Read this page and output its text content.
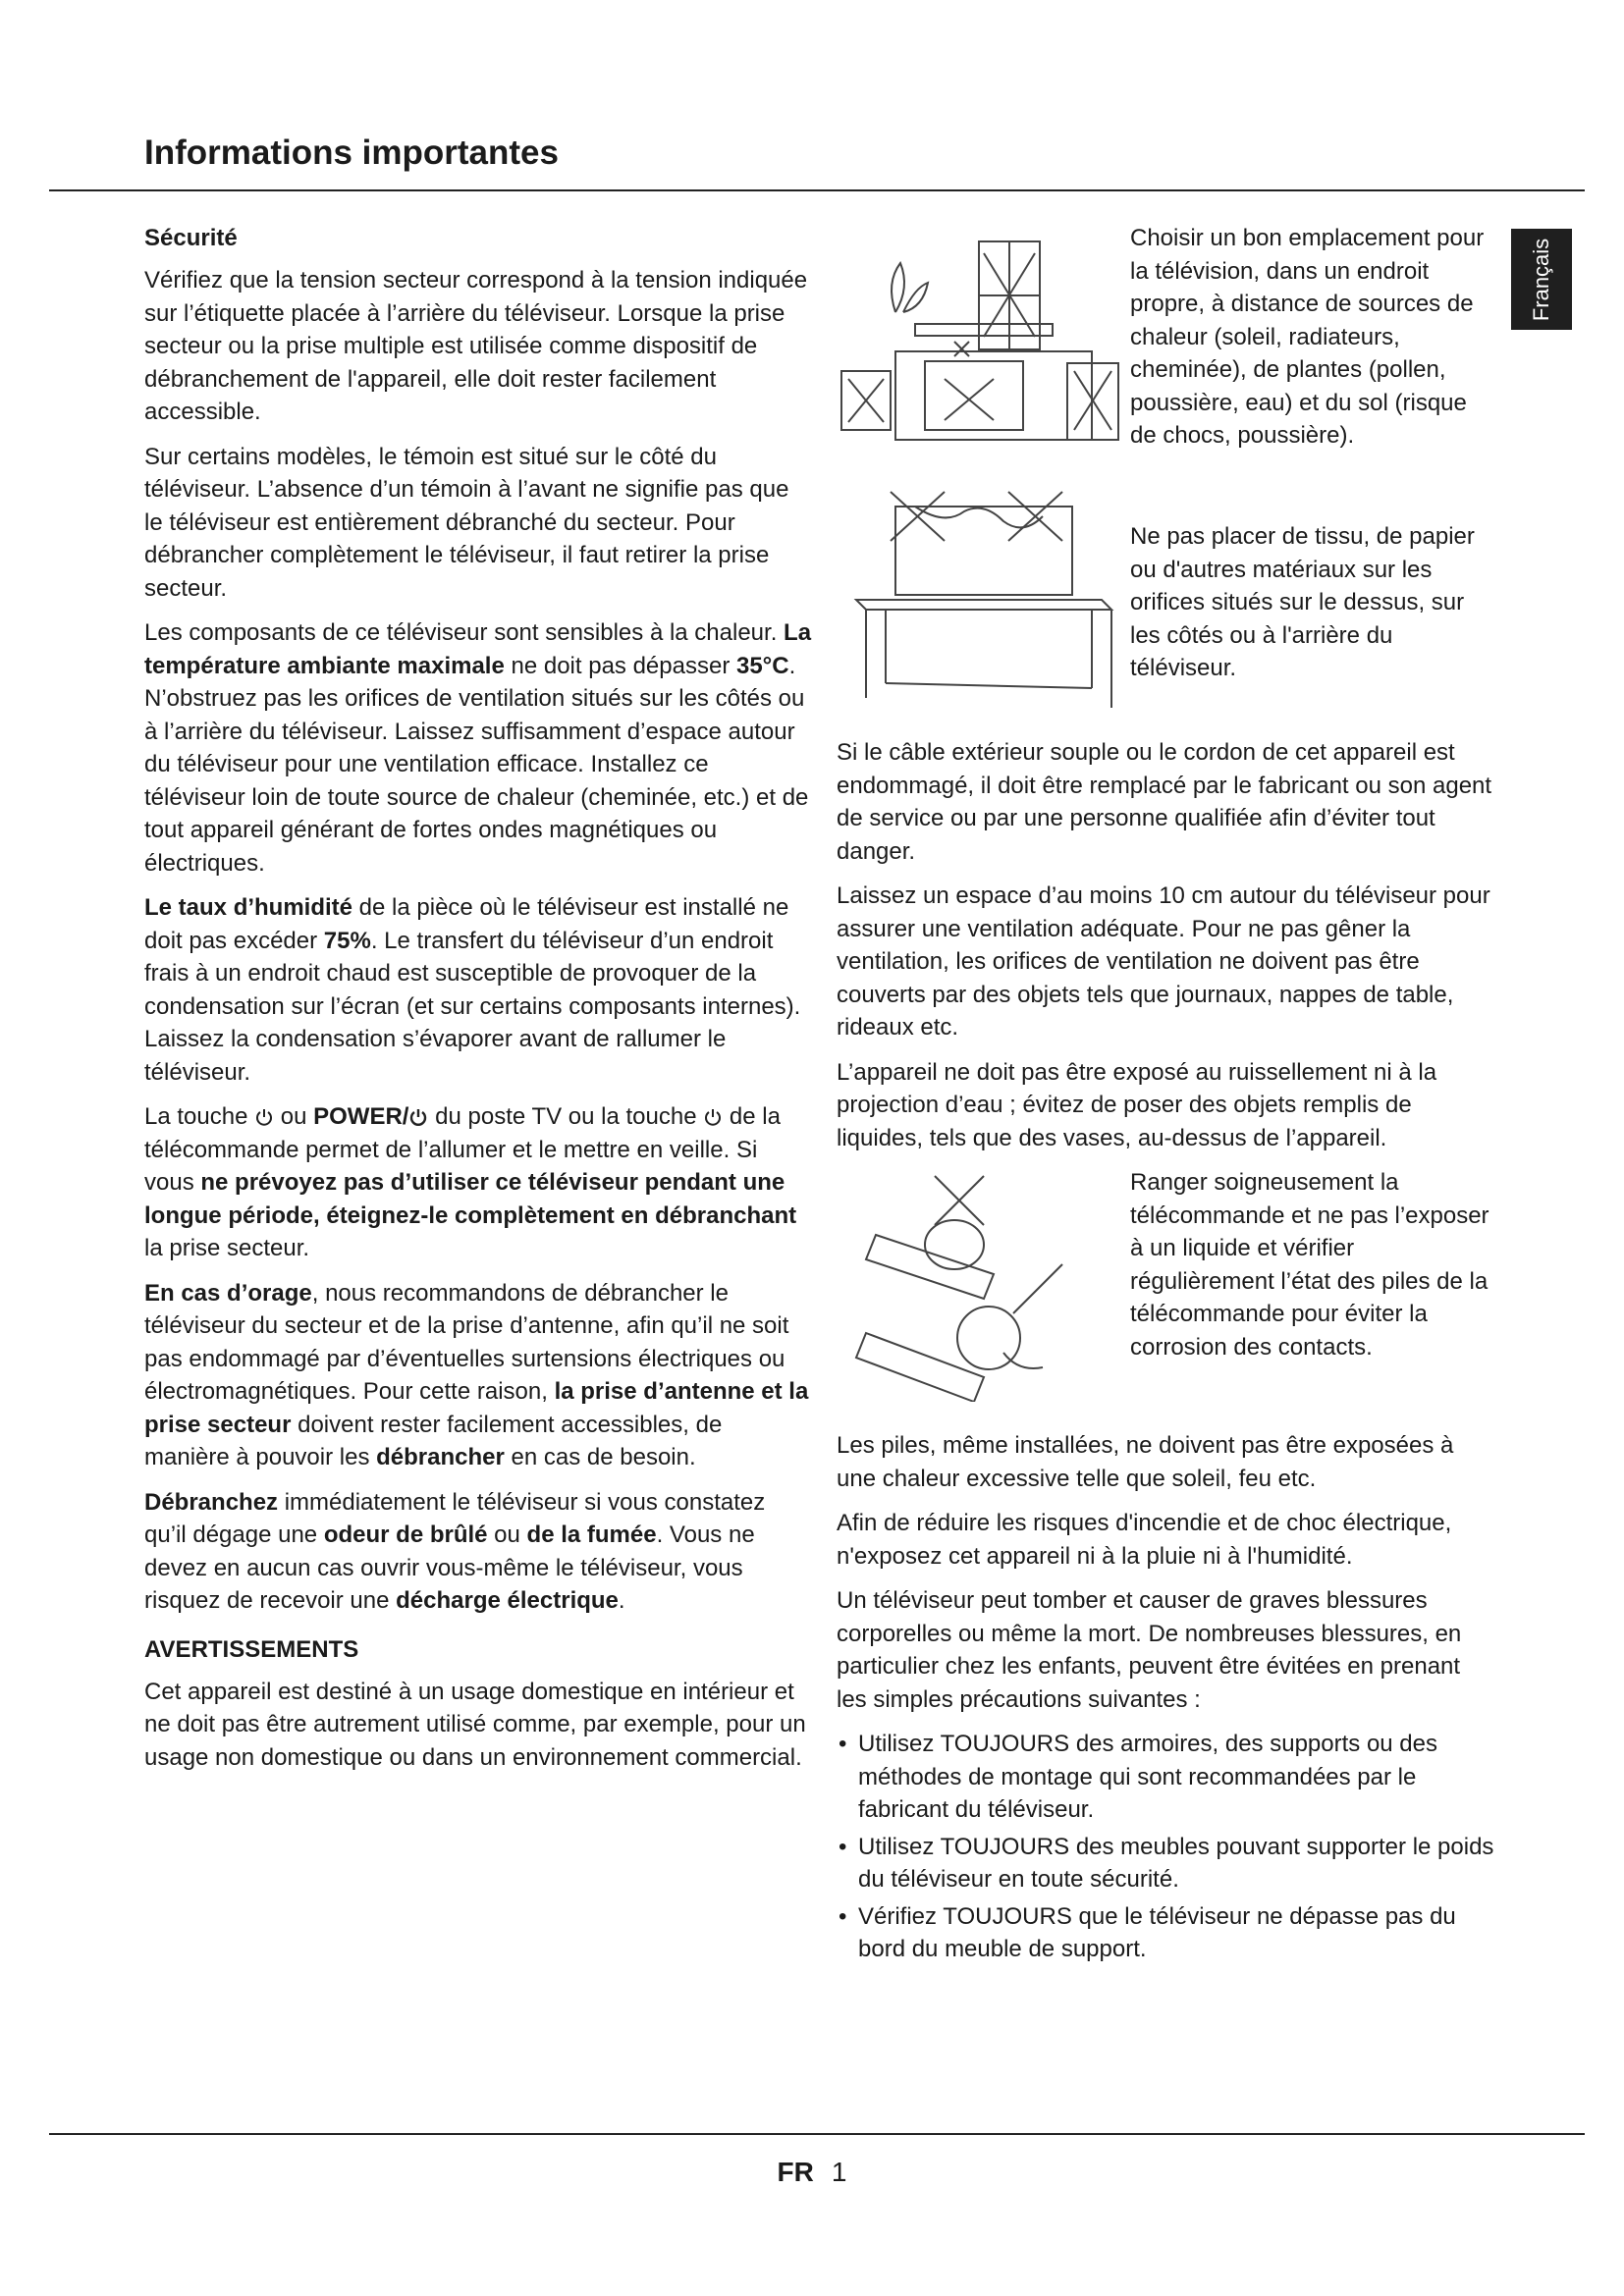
Informations importantes
Français
Sécurité

Vérifiez que la tension secteur correspond à la tension indiquée sur l’étiquette placée à l’arrière du téléviseur. Lorsque la prise secteur ou la prise multiple est utilisée comme dispositif de débranchement de l'appareil, elle doit rester facilement accessible.

Sur certains modèles, le témoin est situé sur le côté du téléviseur. L’absence d’un témoin à l’avant ne signifie pas que le téléviseur est entièrement débranché du secteur. Pour débrancher complètement le téléviseur, il faut retirer la prise secteur.

Les composants de ce téléviseur sont sensibles à la chaleur. La température ambiante maximale ne doit pas dépasser 35°C. N’obstruez pas les orifices de ventilation situés sur les côtés ou à l’arrière du téléviseur. Laissez suffisamment d’espace autour du téléviseur pour une ventilation efficace. Installez ce téléviseur loin de toute source de chaleur (cheminée, etc.) et de tout appareil générant de fortes ondes magnétiques ou électriques.

Le taux d’humidité de la pièce où le téléviseur est installé ne doit pas excéder 75%. Le transfert du téléviseur d’un endroit frais à un endroit chaud est susceptible de provoquer de la condensation sur l’écran (et sur certains composants internes). Laissez la condensation s’évaporer avant de rallumer le téléviseur.

La touche  ou POWER/ du poste TV ou la touche  de la télécommande permet de l’allumer et le mettre en veille. Si vous ne prévoyez pas d’utiliser ce téléviseur pendant une longue période, éteignez-le complètement en débranchant la prise secteur.

En cas d’orage, nous recommandons de débrancher le téléviseur du secteur et de la prise d’antenne, afin qu’il ne soit pas endommagé par d’éventuelles surtensions électriques ou électromagnétiques. Pour cette raison, la prise d’antenne et la prise secteur doivent rester facilement accessibles, de manière à pouvoir les débrancher en cas de besoin.

Débranchez immédiatement le téléviseur si vous constatez qu’il dégage une odeur de brûlé ou de la fumée. Vous ne devez en aucun cas ouvrir vous-même le téléviseur, vous risquez de recevoir une décharge électrique.

AVERTISSEMENTS

Cet appareil est destiné à un usage domestique en intérieur et ne doit pas être autrement utilisé comme, par exemple, pour un usage non domestique ou dans un environnement commercial.

Choisir un bon emplacement pour la télévision, dans un endroit propre, à distance de sources de chaleur (soleil, radiateurs, cheminée), de plantes (pollen, poussière, eau) et du sol (risque de chocs, poussière).

Ne pas placer de tissu, de papier ou d'autres matériaux sur les orifices situés sur le dessus, sur les côtés ou à l'arrière du téléviseur.

Si le câble extérieur souple ou le cordon de cet appareil est endommagé, il doit être remplacé par le fabricant ou son agent de service ou par une personne qualifiée afin d’éviter tout danger.

Laissez un espace d’au moins 10 cm autour du téléviseur pour assurer une ventilation adéquate. Pour ne pas gêner la ventilation, les orifices de ventilation ne doivent pas être couverts par des objets tels que journaux, nappes de table, rideaux etc.

L’appareil ne doit pas être exposé au ruissellement ni à la projection d’eau ; évitez de poser des objets remplis de liquides, tels que des vases, au-dessus de l’appareil.

Ranger soigneusement la télécommande et ne pas l’exposer à un liquide et vérifier régulièrement l’état des piles de la télécommande pour éviter la corrosion des contacts.

Les piles, même installées, ne doivent pas être exposées à une chaleur excessive telle que soleil, feu etc.

Afin de réduire les risques d'incendie et de choc électrique, n'exposez cet appareil ni à la pluie ni à l'humidité.

Un téléviseur peut tomber et causer de graves blessures corporelles ou même la mort. De nombreuses blessures, en particulier chez les enfants, peuvent être évitées en prenant les simples précautions suivantes :

• Utilisez TOUJOURS des armoires, des supports ou des méthodes de montage qui sont recommandées par le fabricant du téléviseur.
• Utilisez TOUJOURS des meubles pouvant supporter le poids du téléviseur en toute sécurité.
• Vérifiez TOUJOURS que le téléviseur ne dépasse pas du bord du meuble de support.
FR 1
